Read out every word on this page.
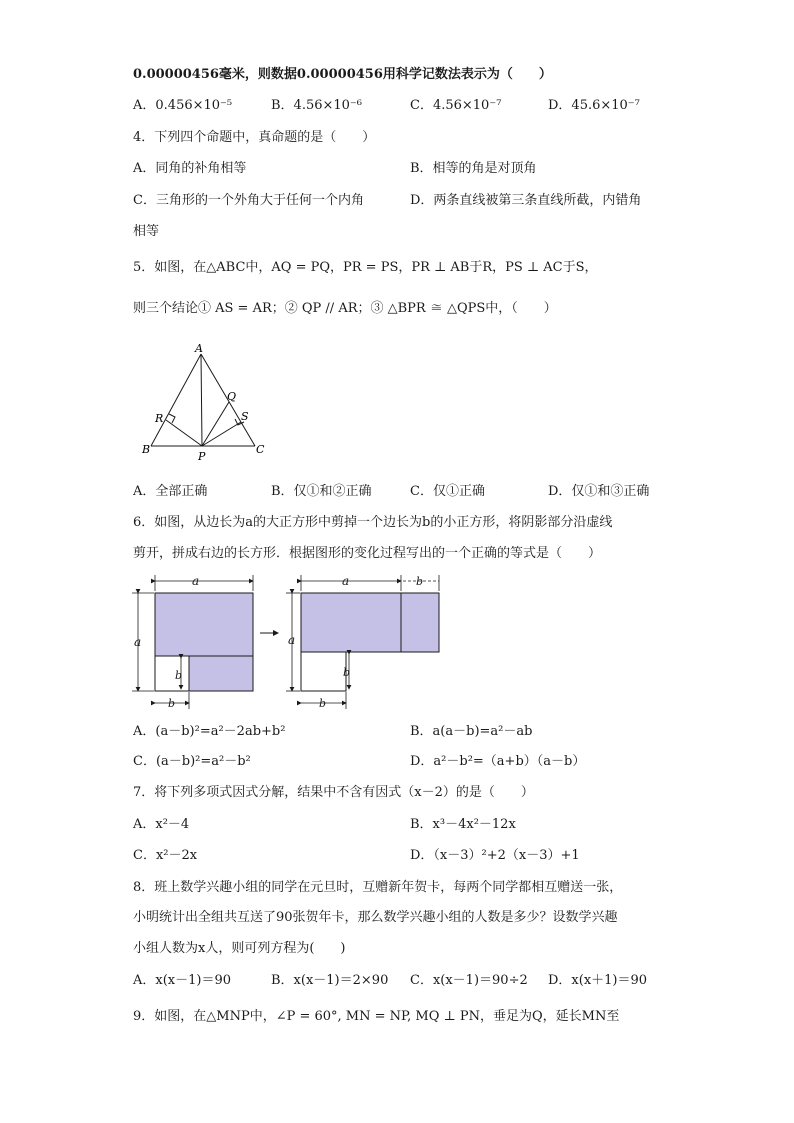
0.00000456毫米，则数据0.00000456用科学记数法表示为（　　）
A．0.456×10⁻⁵	B．4.56×10⁻⁶	C．4.56×10⁻⁷	D．45.6×10⁻⁷
4．下列四个命题中，真命题的是（　　）
A．同角的补角相等	B．相等的角是对顶角
C．三角形的一个外角大于任何一个内角	D．两条直线被第三条直线所截，内错角
相等
5．如图，在△ABC中，AQ = PQ，PR = PS，PR ⊥ AB于R，PS ⊥ AC于S，
则三个结论① AS = AR；② QP // AR；③ △BPR ≅ △QPS中，（　　）
A
B	C
P
Q
R	S
A．全部正确	B．仅①和②正确	C．仅①正确	D．仅①和③正确
6．如图，从边长为a的大正方形中剪掉一个边长为b的小正方形，将阴影部分沿虚线
剪开，拼成右边的长方形．根据图形的变化过程写出的一个正确的等式是（　　）
a
a
b
b
a	b
a
b
b
A．(a－b)²=a²－2ab+b²	B．a(a－b)=a²－ab
C．(a－b)²=a²－b²	D．a²－b²=（a+b）（a－b）
7．将下列多项式因式分解，结果中不含有因式（x－2）的是（　　）
A．x²－4	B．x³－4x²－12x
C．x²－2x	D．（x－3）²+2（x－3）+1
8．班上数学兴趣小组的同学在元旦时，互赠新年贺卡，每两个同学都相互赠送一张，
小明统计出全组共互送了90张贺年卡，那么数学兴趣小组的人数是多少？设数学兴趣
小组人数为x人，则可列方程为(　　)
A．x(x－1)＝90	B．x(x－1)＝2×90 C．x(x－1)＝90÷2 D．x(x＋1)＝90
9．如图，在△MNP中，∠P = 60°, MN = NP, MQ ⊥ PN，垂足为Q，延长MN至
